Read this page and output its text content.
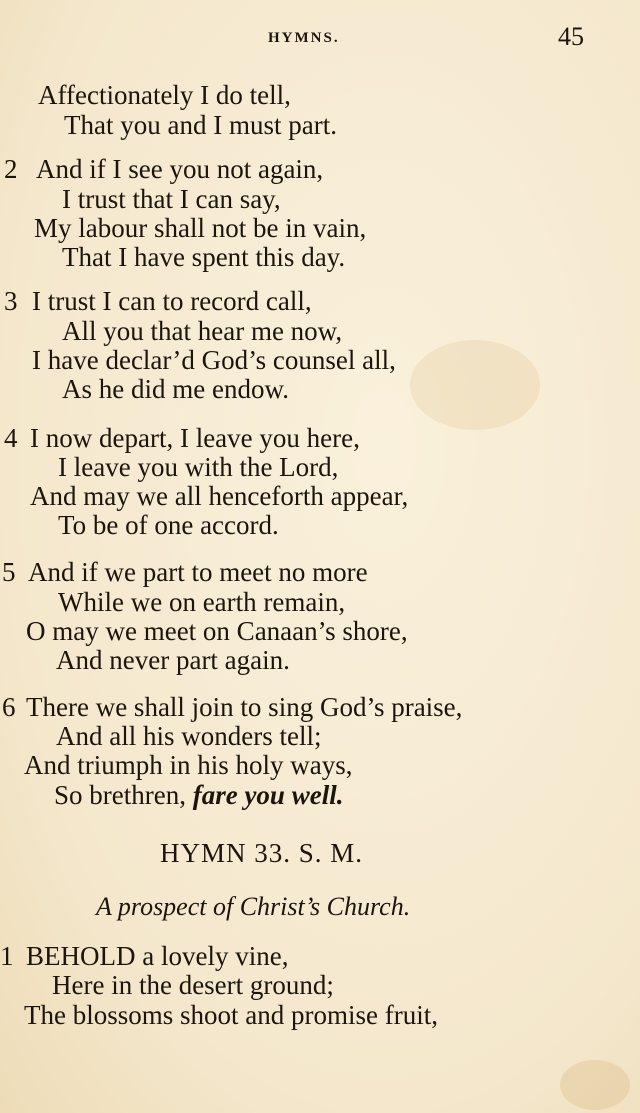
HYMNS.	45
Affectionately I do tell,
That you and I must part.
2 And if I see you not again,
I trust that I can say,
My labour shall not be in vain,
That I have spent this day.
3 I trust I can to record call,
All you that hear me now,
I have declar’d God’s counsel all,
As he did me endow.
4 I now depart, I leave you here,
I leave you with the Lord,
And may we all henceforth appear,
To be of one accord.
5 And if we part to meet no more
While we on earth remain,
O may we meet on Canaan’s shore,
And never part again.
6 There we shall join to sing God’s praise,
And all his wonders tell;
And triumph in his holy ways,
So brethren, fare you well.
HYMN 33. S. M.
A prospect of Christ’s Church.
1 BEHOLD a lovely vine,
Here in the desert ground;
The blossoms shoot and promise fruit,
